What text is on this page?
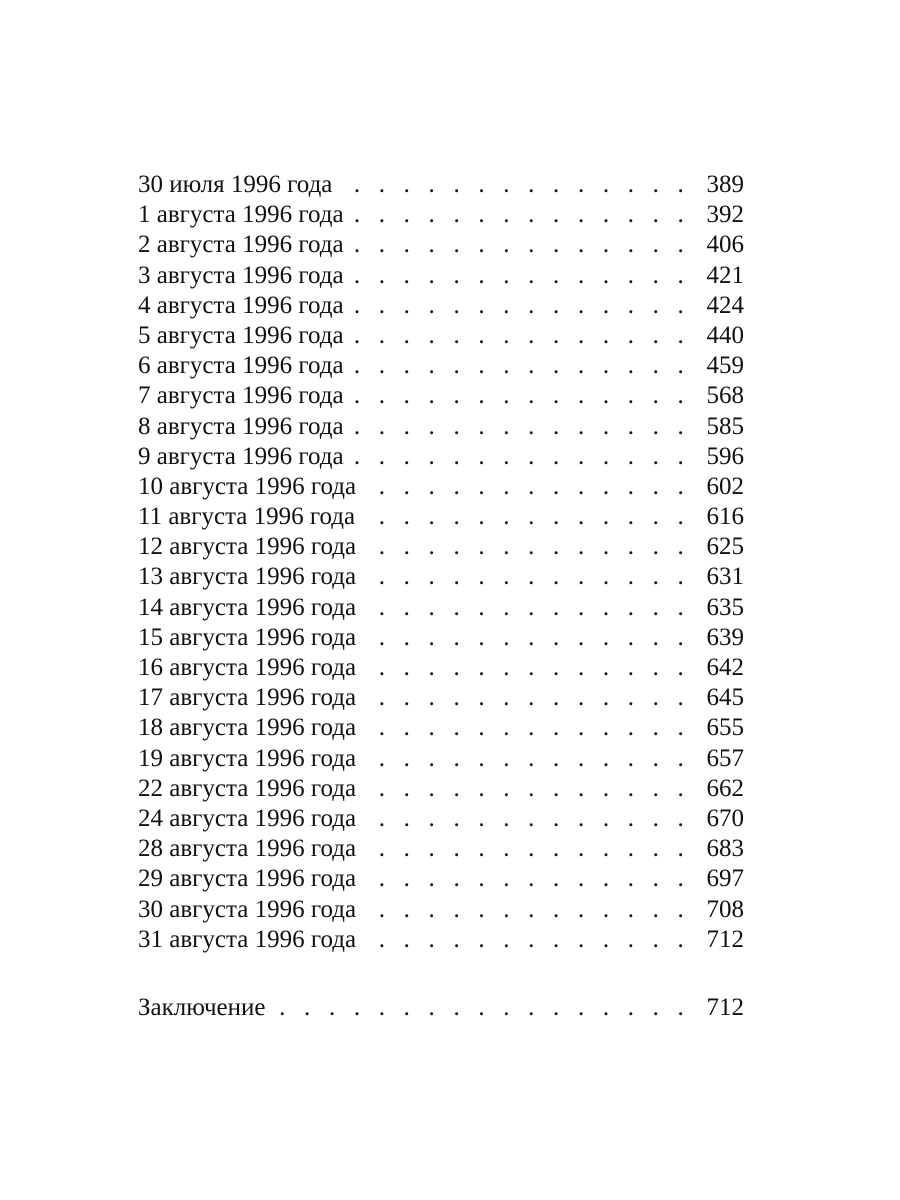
30 июля 1996 года . . .	389
1 августа 1996 года . . .	392
2 августа 1996 года . . .	406
3 августа 1996 года . . .	421
4 августа 1996 года . . .	424
5 августа 1996 года . . .	440
6 августа 1996 года . . .	459
7 августа 1996 года . . .	568
8 августа 1996 года . . .	585
9 августа 1996 года . . .	596
10 августа 1996 года . . .	602
11 августа 1996 года . . .	616
12 августа 1996 года . . .	625
13 августа 1996 года . . .	631
14 августа 1996 года . . .	635
15 августа 1996 года . . .	639
16 августа 1996 года . . .	642
17 августа 1996 года . . .	645
18 августа 1996 года . . .	655
19 августа 1996 года . . .	657
22 августа 1996 года . . .	662
24 августа 1996 года . . .	670
28 августа 1996 года . . .	683
29 августа 1996 года . . .	697
30 августа 1996 года . . .	708
31 августа 1996 года . . .	712
Заключение . . .	712
